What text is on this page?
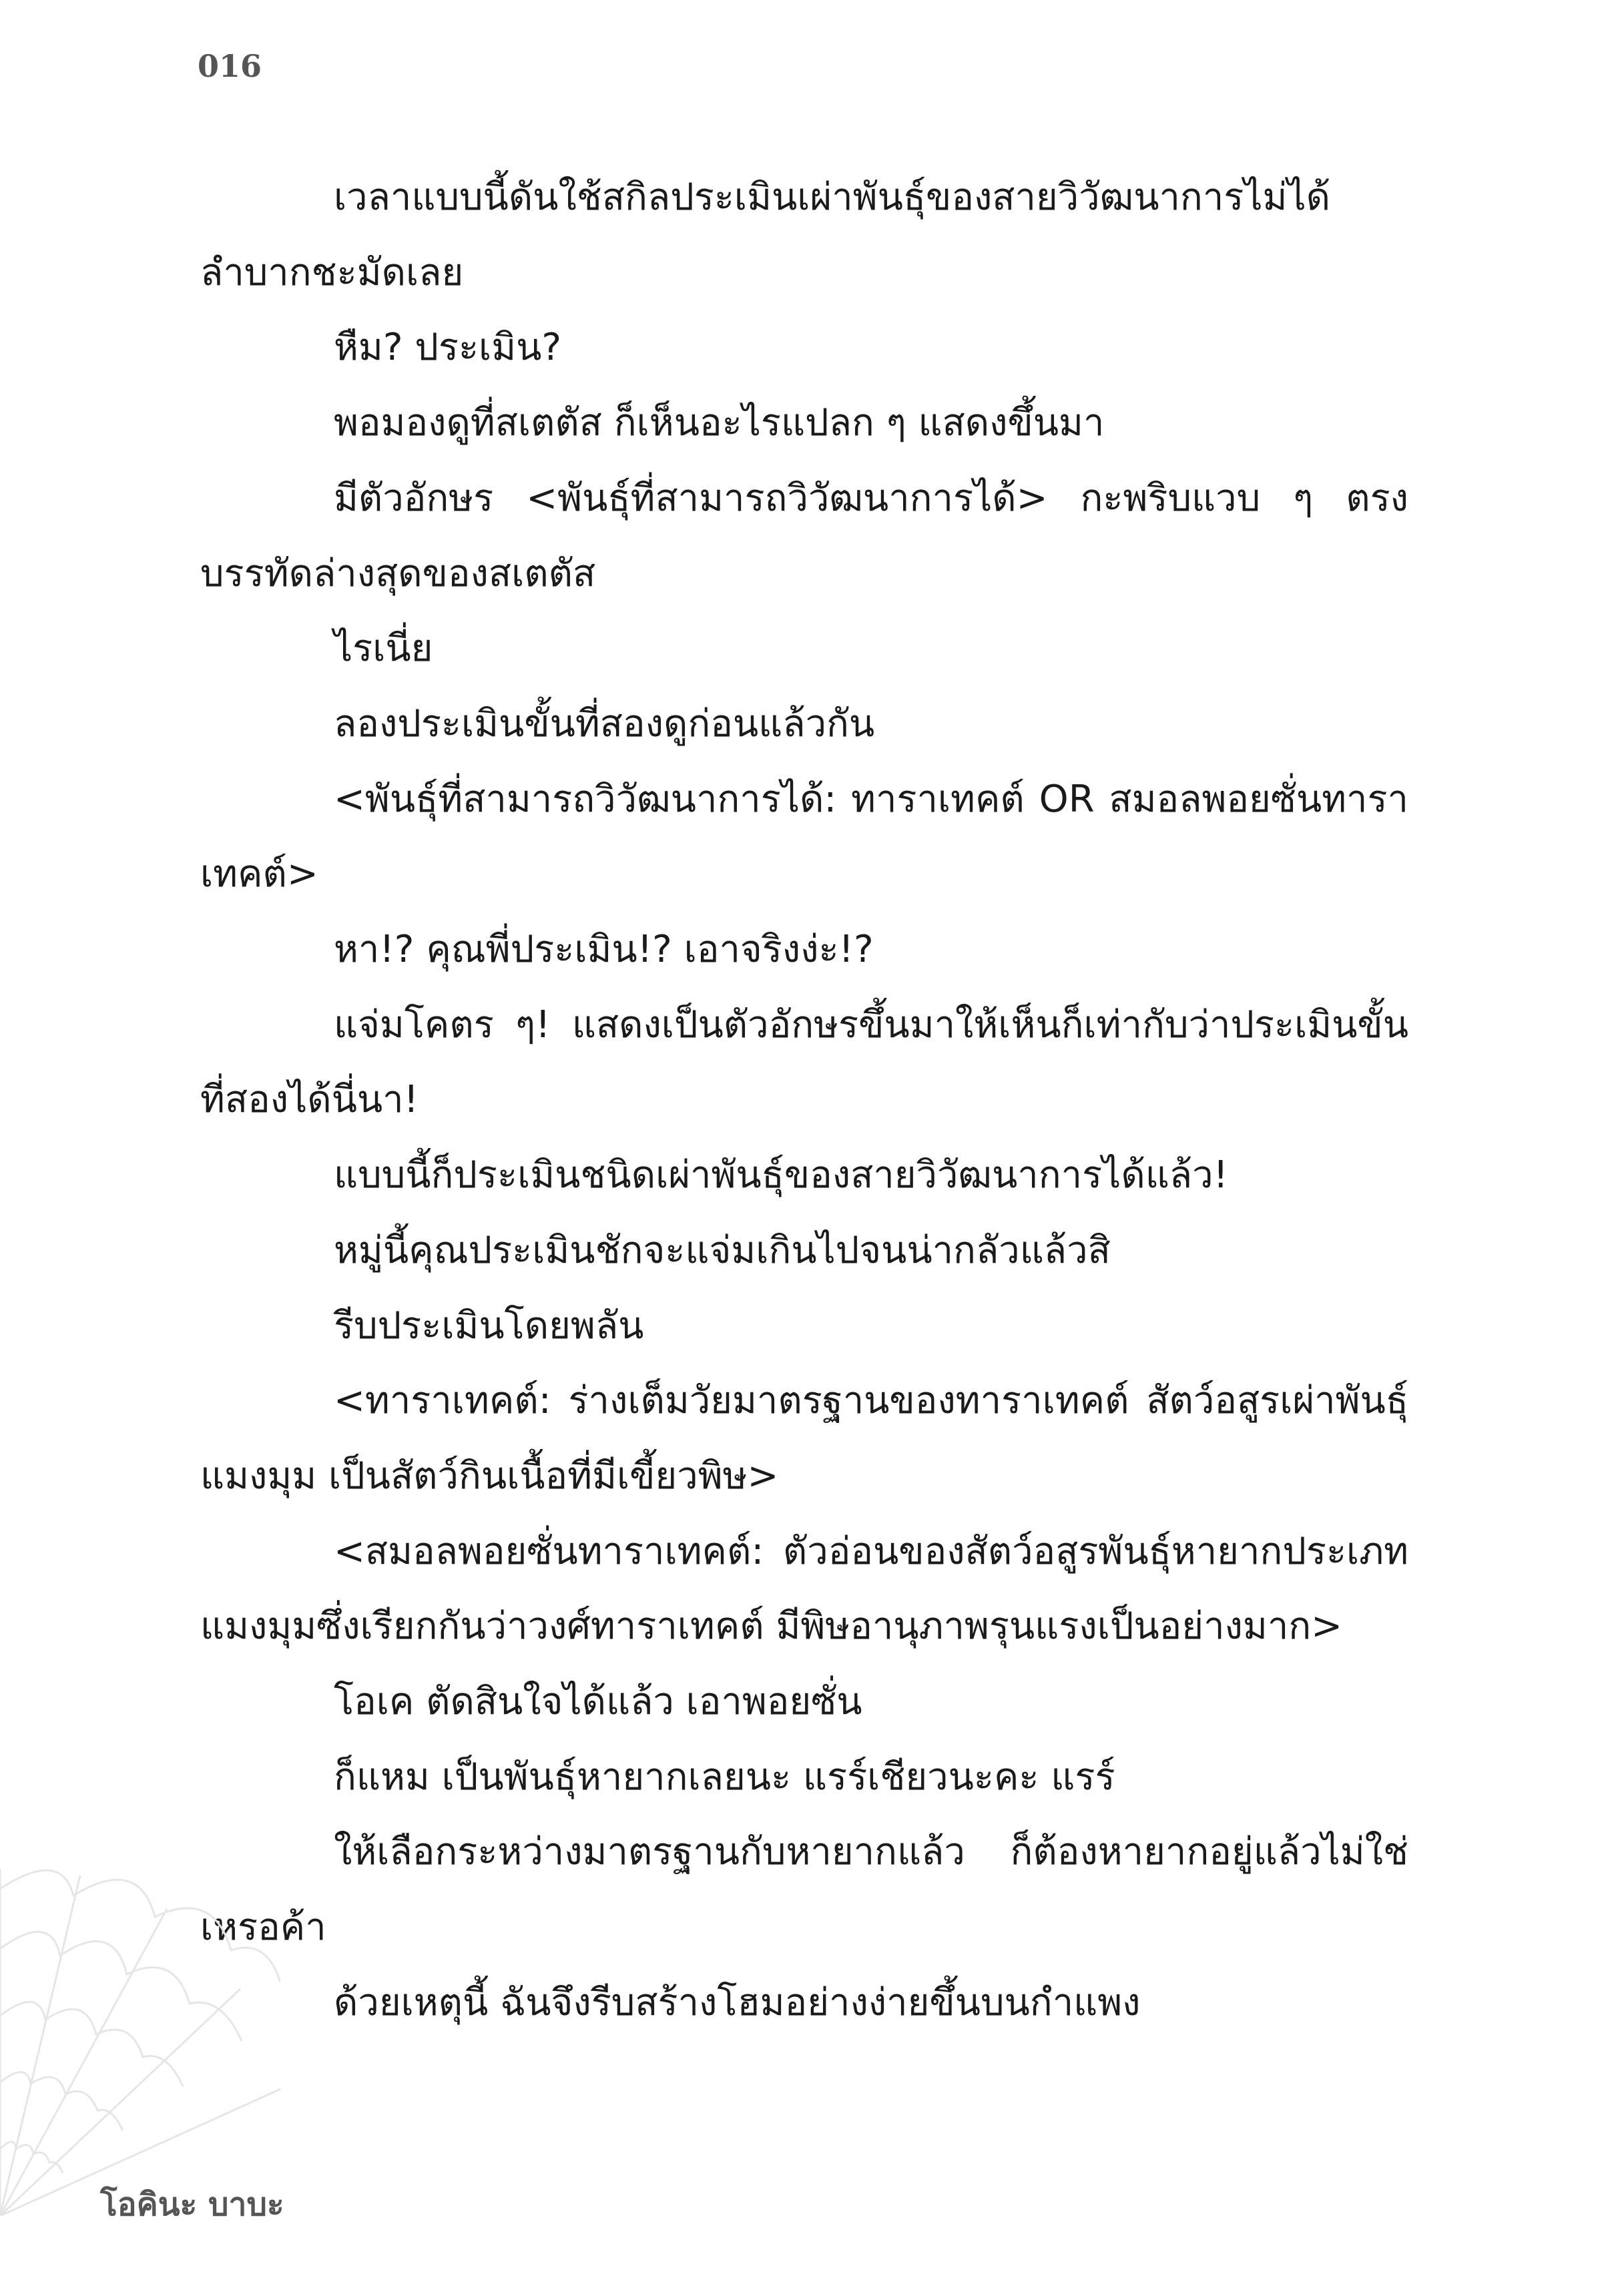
016

เวลาแบบนี้ดันใช้สกิลประเมินเผ่าพันธุ์ของสายวิวัฒนาการไม่ได้ ลำบากชะมัดเลย

หืม? ประเมิน?

พอมองดูที่สเตตัส ก็เห็นอะไรแปลก ๆ แสดงขึ้นมา

มีตัวอักษร <พันธุ์ที่สามารถวิวัฒนาการได้> กะพริบแวบ ๆ ตรงบรรทัดล่างสุดของสเตตัส

ไรเนี่ย

ลองประเมินขั้นที่สองดูก่อนแล้วกัน

<พันธุ์ที่สามารถวิวัฒนาการได้: ทาราเทคต์ OR สมอลพอยซั่นทาราเทคต์>

หา!? คุณพี่ประเมิน!? เอาจริงง่ะ!?

แจ่มโคตร ๆ! แสดงเป็นตัวอักษรขึ้นมาให้เห็นก็เท่ากับว่าประเมินขั้นที่สองได้นี่นา!

แบบนี้ก็ประเมินชนิดเผ่าพันธุ์ของสายวิวัฒนาการได้แล้ว!

หมู่นี้คุณประเมินชักจะแจ่มเกินไปจนน่ากลัวแล้วสิ

รีบประเมินโดยพลัน

<ทาราเทคต์: ร่างเต็มวัยมาตรฐานของทาราเทคต์ สัตว์อสูรเผ่าพันธุ์แมงมุม เป็นสัตว์กินเนื้อที่มีเขี้ยวพิษ>

<สมอลพอยซั่นทาราเทคต์: ตัวอ่อนของสัตว์อสูรพันธุ์หายากประเภทแมงมุมซึ่งเรียกกันว่าวงศ์ทาราเทคต์ มีพิษอานุภาพรุนแรงเป็นอย่างมาก>

โอเค ตัดสินใจได้แล้ว เอาพอยซั่น

ก็แหม เป็นพันธุ์หายากเลยนะ แรร์เชียวนะคะ แรร์

ให้เลือกระหว่างมาตรฐานกับหายากแล้ว ก็ต้องหายากอยู่แล้วไม่ใช่เหรอค้า

ด้วยเหตุนี้ ฉันจึงรีบสร้างโฮมอย่างง่ายขึ้นบนกำแพง

โอคินะ บาบะ
